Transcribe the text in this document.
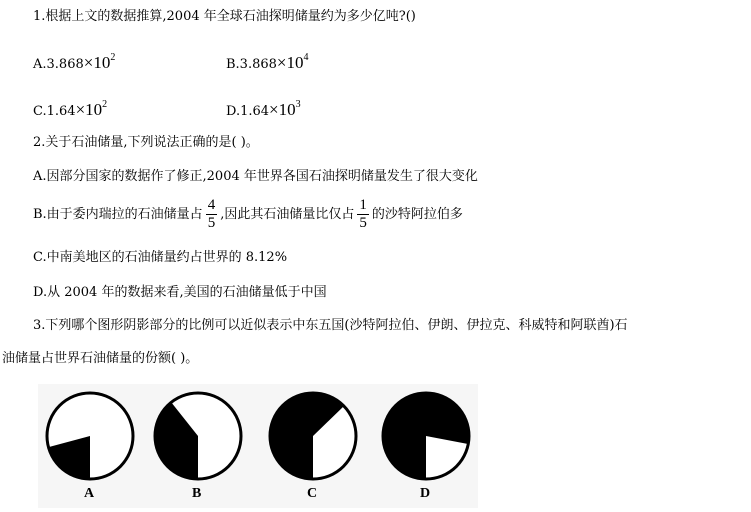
1.根据上文的数据推算,2004 年全球石油探明储量约为多少亿吨?()
$A.3.868\times 10^2$	$B.3.868\times 10^4$
$C.1.64\times 10^2$	$D.1.64\times 10^3$
2.关于石油储量,下列说法正确的是( )。
A.因部分国家的数据作了修正,2004 年世界各国石油探明储量发生了很大变化
B.由于委内瑞拉的石油储量占 $\frac{4}{5}$ ,因此其石油储量比仅占 $\frac{1}{5}$ 的沙特阿拉伯多
C.中南美地区的石油储量约占世界的 8.12%
D.从 2004 年的数据来看,美国的石油储量低于中国
3.下列哪个图形阴影部分的比例可以近似表示中东五国(沙特阿拉伯、伊朗、伊拉克、科威特和阿联酋)石
油储量占世界石油储量的份额( )。
A	B	C	D
